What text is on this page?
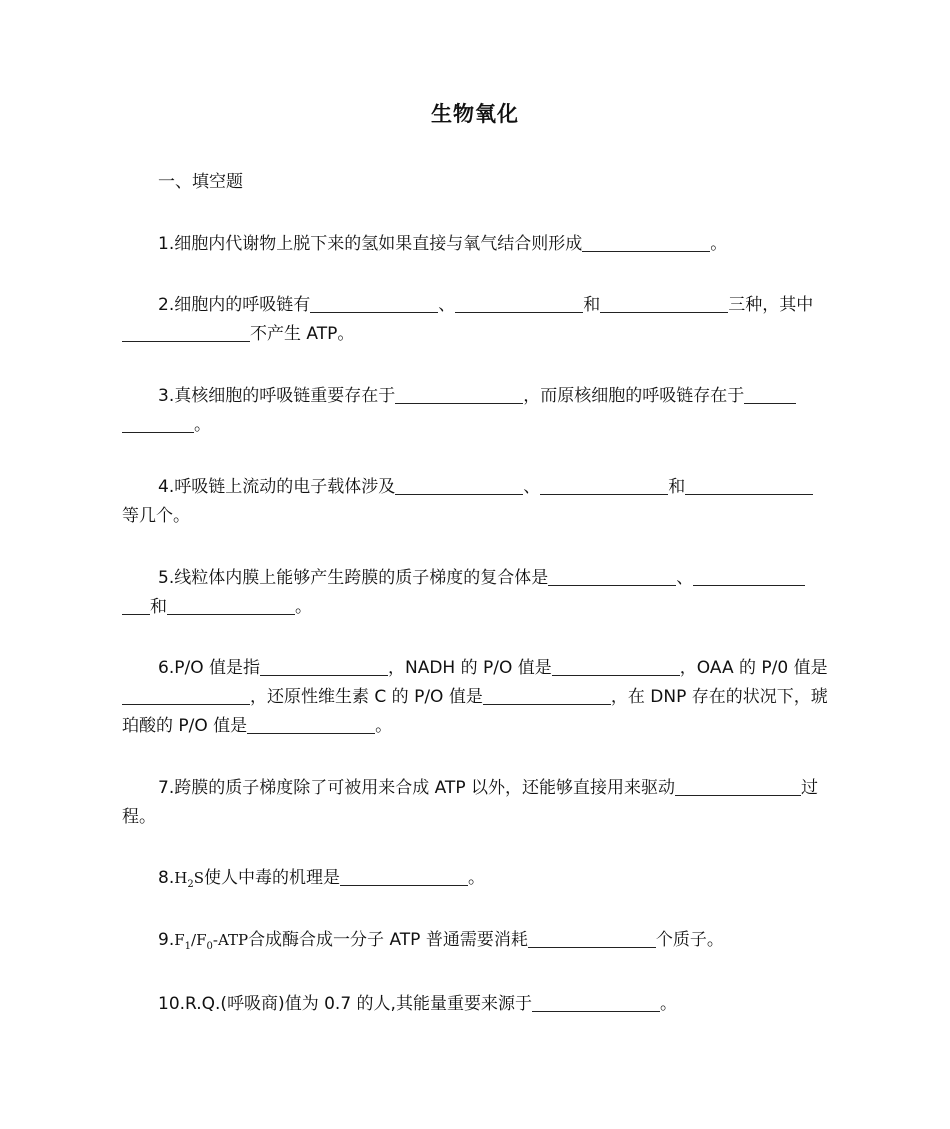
生物氧化

一、填空题

1.细胞内代谢物上脱下来的氢如果直接与氧气结合则形成	。

2.细胞内的呼吸链有	、	和	三种，其中不产生 ATP。

3.真核细胞的呼吸链重要存在于	，而原核细胞的呼吸链存在于。

4.呼吸链上流动的电子载体涉及	、	和等几个。

5.线粒体内膜上能够产生跨膜的质子梯度的复合体是	、和	。

6.P/O 值是指	，NADH 的 P/O 值是	，OAA 的 P/0 值是，还原性维生素 C 的 P/O 值是	，在 DNP 存在的状况下，琥珀酸的 P/O 值是	。

7.跨膜的质子梯度除了可被用来合成 ATP 以外，还能够直接用来驱动	过程。

$8.H_2S$使人中毒的机理是	。

$9.F_1/F_0$-ATP合成酶合成一分子 ATP 普通需要消耗	个质子。

10.R.Q.(呼吸商)值为 0.7 的人,其能量重要来源于	。
